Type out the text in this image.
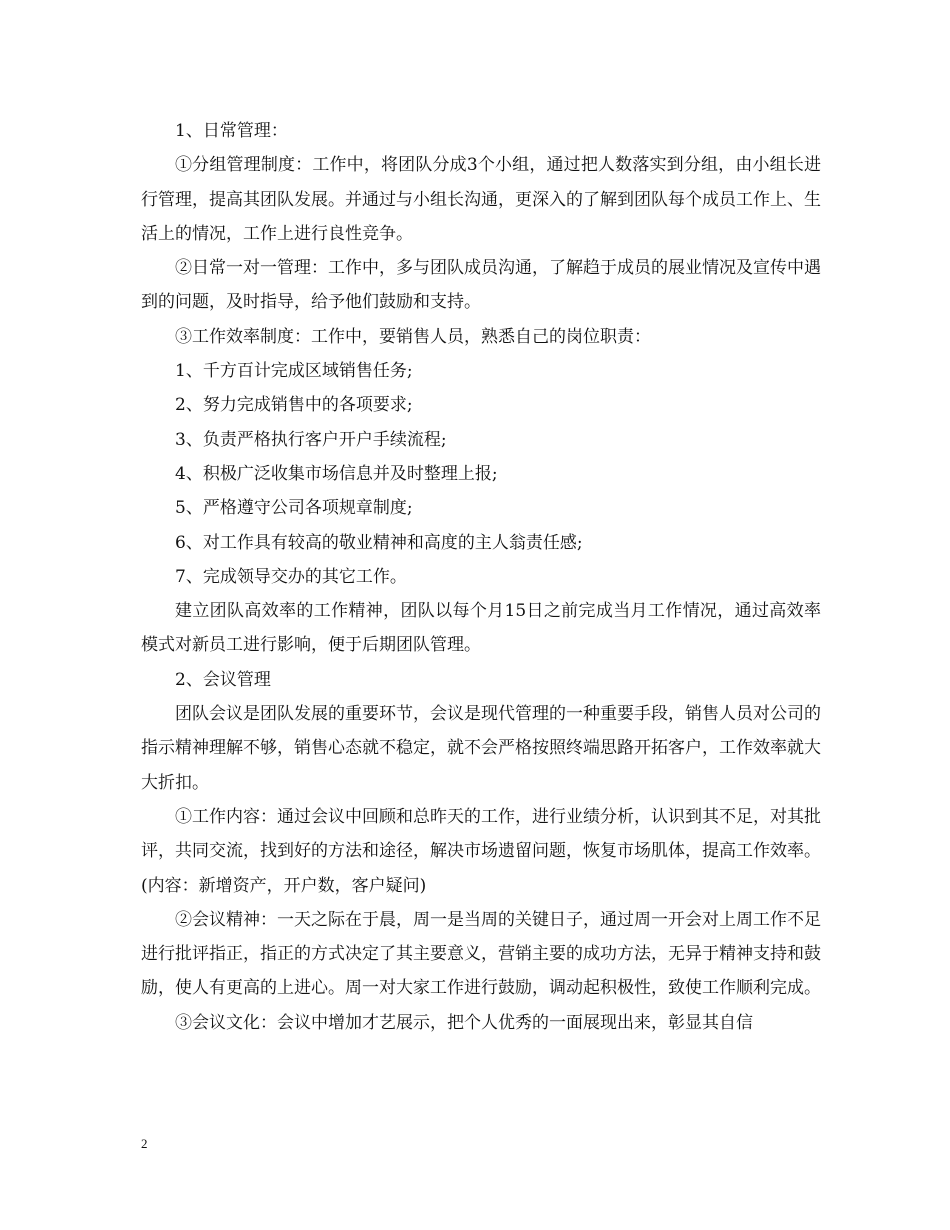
1、日常管理：

①分组管理制度：工作中，将团队分成3个小组，通过把人数落实到分组，由小组长进行管理，提高其团队发展。并通过与小组长沟通，更深入的了解到团队每个成员工作上、生活上的情况，工作上进行良性竞争。

②日常一对一管理：工作中，多与团队成员沟通，了解趋于成员的展业情况及宣传中遇到的问题，及时指导，给予他们鼓励和支持。

③工作效率制度：工作中，要销售人员，熟悉自己的岗位职责：

1、千方百计完成区域销售任务;

2、努力完成销售中的各项要求;

3、负责严格执行客户开户手续流程;

4、积极广泛收集市场信息并及时整理上报;

5、严格遵守公司各项规章制度;

6、对工作具有较高的敬业精神和高度的主人翁责任感;

7、完成领导交办的其它工作。

建立团队高效率的工作精神，团队以每个月15日之前完成当月工作情况，通过高效率模式对新员工进行影响，便于后期团队管理。

2、会议管理

团队会议是团队发展的重要环节，会议是现代管理的一种重要手段，销售人员对公司的指示精神理解不够，销售心态就不稳定，就不会严格按照终端思路开拓客户，工作效率就大大折扣。

①工作内容：通过会议中回顾和总昨天的工作，进行业绩分析，认识到其不足，对其批评，共同交流，找到好的方法和途径，解决市场遗留问题，恢复市场肌体，提高工作效率。(内容：新增资产，开户数，客户疑问)

②会议精神：一天之际在于晨，周一是当周的关键日子，通过周一开会对上周工作不足进行批评指正，指正的方式决定了其主要意义，营销主要的成功方法，无异于精神支持和鼓励，使人有更高的上进心。周一对大家工作进行鼓励，调动起积极性，致使工作顺利完成。

③会议文化：会议中增加才艺展示，把个人优秀的一面展现出来，彰显其自信

2
